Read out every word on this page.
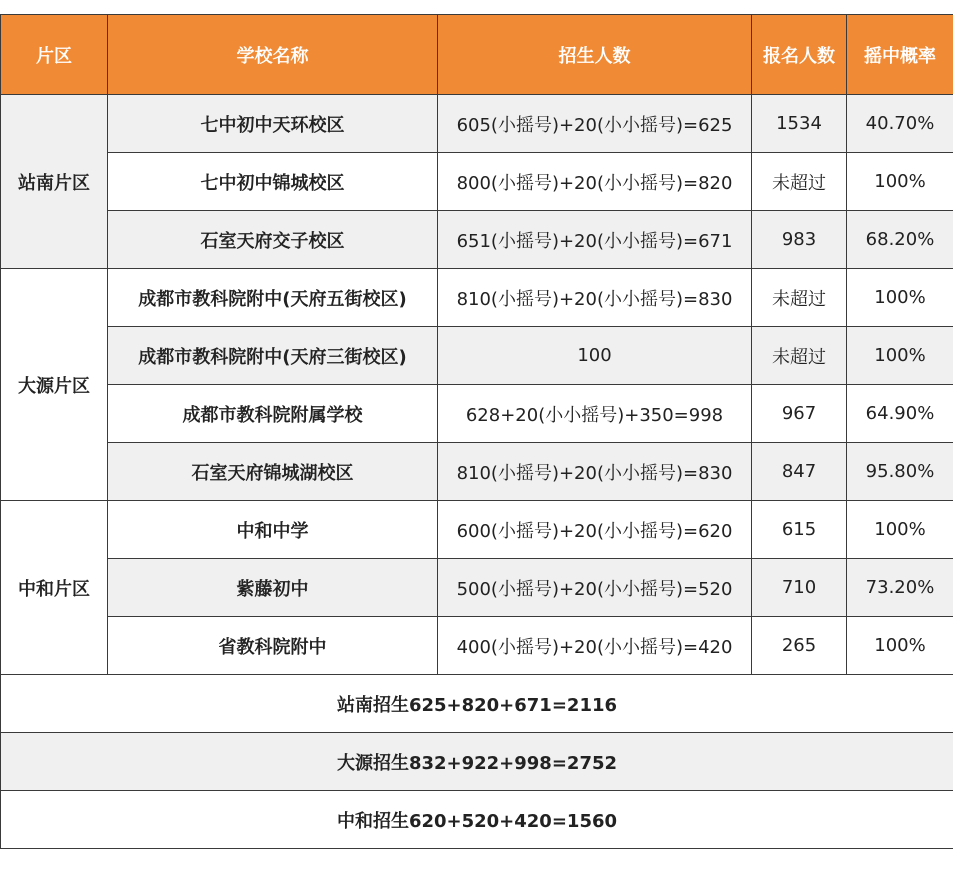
片区	学校名称	招生人数	报名人数	摇中概率
站南片区	七中初中天环校区	605(小摇号)+20(小小摇号)=625	1534	40.70%
	七中初中锦城校区	800(小摇号)+20(小小摇号)=820	未超过	100%
	石室天府交子校区	651(小摇号)+20(小小摇号)=671	983	68.20%
大源片区	成都市教科院附中(天府五街校区)	810(小摇号)+20(小小摇号)=830	未超过	100%
	成都市教科院附中(天府三街校区)	100	未超过	100%
	成都市教科院附属学校	628+20(小小摇号)+350=998	967	64.90%
	石室天府锦城湖校区	810(小摇号)+20(小小摇号)=830	847	95.80%
中和片区	中和中学	600(小摇号)+20(小小摇号)=620	615	100%
	紫藤初中	500(小摇号)+20(小小摇号)=520	710	73.20%
	省教科院附中	400(小摇号)+20(小小摇号)=420	265	100%
站南招生625+820+671=2116				
大源招生832+922+998=2752				
中和招生620+520+420=1560				
